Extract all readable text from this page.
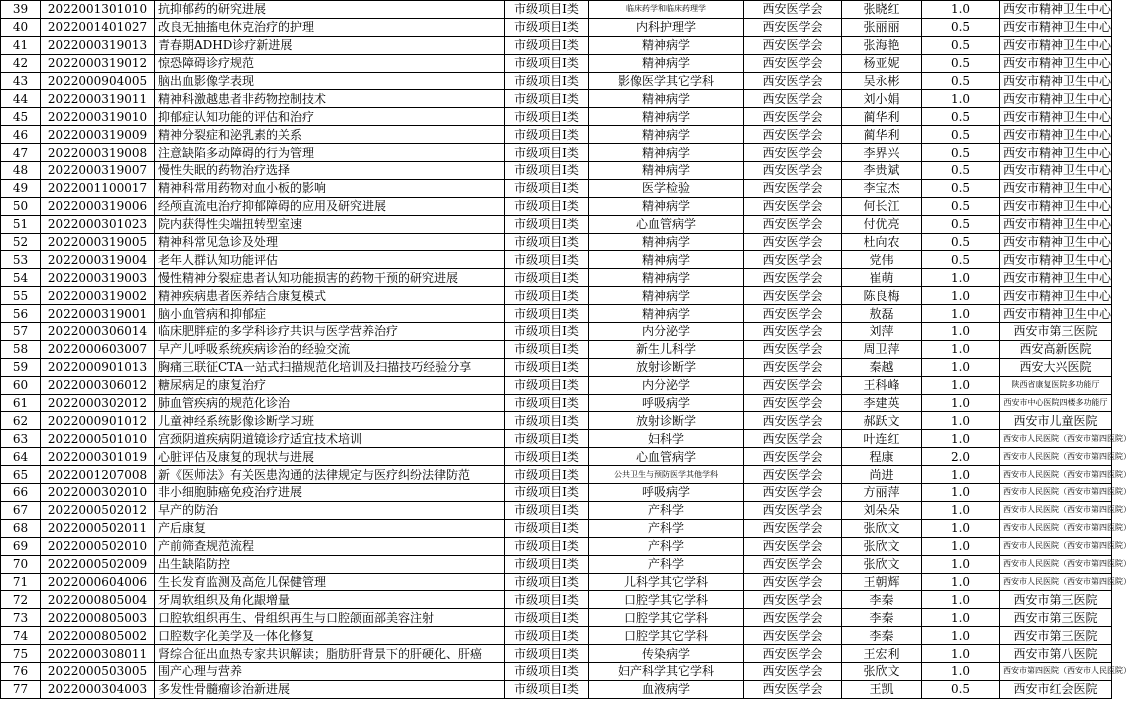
39	2022001301010	抗抑郁药的研究进展	市级项目I类	临床药学和临床药理学	西安医学会	张晓红	1.0	西安市精神卫生中心
40	2022001401027	改良无抽搐电休克治疗的护理	市级项目I类	内科护理学	西安医学会	张丽丽	0.5	西安市精神卫生中心
41	2022000319013	青春期ADHD诊疗新进展	市级项目I类	精神病学	西安医学会	张海艳	0.5	西安市精神卫生中心
42	2022000319012	惊恐障碍诊疗规范	市级项目I类	精神病学	西安医学会	杨亚妮	0.5	西安市精神卫生中心
43	2022000904005	脑出血影像学表现	市级项目I类	影像医学其它学科	西安医学会	吴永彬	0.5	西安市精神卫生中心
44	2022000319011	精神科激越患者非药物控制技术	市级项目I类	精神病学	西安医学会	刘小娟	1.0	西安市精神卫生中心
45	2022000319010	抑郁症认知功能的评估和治疗	市级项目I类	精神病学	西安医学会	蔺华利	0.5	西安市精神卫生中心
46	2022000319009	精神分裂症和泌乳素的关系	市级项目I类	精神病学	西安医学会	蔺华利	0.5	西安市精神卫生中心
47	2022000319008	注意缺陷多动障碍的行为管理	市级项目I类	精神病学	西安医学会	李界兴	0.5	西安市精神卫生中心
48	2022000319007	慢性失眠的药物治疗选择	市级项目I类	精神病学	西安医学会	李贵斌	0.5	西安市精神卫生中心
49	2022001100017	精神科常用药物对血小板的影响	市级项目I类	医学检验	西安医学会	李宝杰	0.5	西安市精神卫生中心
50	2022000319006	经颅直流电治疗抑郁障碍的应用及研究进展	市级项目I类	精神病学	西安医学会	何长江	0.5	西安市精神卫生中心
51	2022000301023	院内获得性尖端扭转型室速	市级项目I类	心血管病学	西安医学会	付优亮	0.5	西安市精神卫生中心
52	2022000319005	精神科常见急诊及处理	市级项目I类	精神病学	西安医学会	杜向农	0.5	西安市精神卫生中心
53	2022000319004	老年人群认知功能评估	市级项目I类	精神病学	西安医学会	党伟	0.5	西安市精神卫生中心
54	2022000319003	慢性精神分裂症患者认知功能损害的药物干预的研究进展	市级项目I类	精神病学	西安医学会	崔萌	1.0	西安市精神卫生中心
55	2022000319002	精神疾病患者医养结合康复模式	市级项目I类	精神病学	西安医学会	陈良梅	1.0	西安市精神卫生中心
56	2022000319001	脑小血管病和抑郁症	市级项目I类	精神病学	西安医学会	敖磊	1.0	西安市精神卫生中心
57	2022000306014	临床肥胖症的多学科诊疗共识与医学营养治疗	市级项目I类	内分泌学	西安医学会	刘萍	1.0	西安市第三医院
58	2022000603007	早产儿呼吸系统疾病诊治的经验交流	市级项目I类	新生儿科学	西安医学会	周卫萍	1.0	西安高新医院
59	2022000901013	胸痛三联征CTA一站式扫描规范化培训及扫描技巧经验分享	市级项目I类	放射诊断学	西安医学会	秦越	1.0	西安大兴医院
60	2022000306012	糖尿病足的康复治疗	市级项目I类	内分泌学	西安医学会	王科峰	1.0	陕西省康复医院多功能厅
61	2022000302012	肺血管疾病的规范化诊治	市级项目I类	呼吸病学	西安医学会	李建英	1.0	西安市中心医院四楼多功能厅
62	2022000901012	儿童神经系统影像诊断学习班	市级项目I类	放射诊断学	西安医学会	郝跃文	1.0	西安市儿童医院
63	2022000501010	宫颈阴道疾病阴道镜诊疗适宜技术培训	市级项目I类	妇科学	西安医学会	叶连红	1.0	西安市人民医院（西安市第四医院）
64	2022000301019	心脏评估及康复的现状与进展	市级项目I类	心血管病学	西安医学会	程康	2.0	西安市人民医院（西安市第四医院）
65	2022001207008	新《医师法》有关医患沟通的法律规定与医疗纠纷法律防范	市级项目I类	公共卫生与预防医学其他学科	西安医学会	尚进	1.0	西安市人民医院（西安市第四医院）
66	2022000302010	非小细胞肺癌免疫治疗进展	市级项目I类	呼吸病学	西安医学会	方丽萍	1.0	西安市人民医院（西安市第四医院）
67	2022000502012	早产的防治	市级项目I类	产科学	西安医学会	刘朵朵	1.0	西安市人民医院（西安市第四医院）
68	2022000502011	产后康复	市级项目I类	产科学	西安医学会	张欣文	1.0	西安市人民医院（西安市第四医院）
69	2022000502010	产前筛查规范流程	市级项目I类	产科学	西安医学会	张欣文	1.0	西安市人民医院（西安市第四医院）
70	2022000502009	出生缺陷防控	市级项目I类	产科学	西安医学会	张欣文	1.0	西安市人民医院（西安市第四医院）
71	2022000604006	生长发育监测及高危儿保健管理	市级项目I类	儿科学其它学科	西安医学会	王朝辉	1.0	西安市人民医院（西安市第四医院）
72	2022000805004	牙周软组织及角化龈增量	市级项目I类	口腔学其它学科	西安医学会	李秦	1.0	西安市第三医院
73	2022000805003	口腔软组织再生、骨组织再生与口腔颌面部美容注射	市级项目I类	口腔学其它学科	西安医学会	李秦	1.0	西安市第三医院
74	2022000805002	口腔数字化美学及一体化修复	市级项目I类	口腔学其它学科	西安医学会	李秦	1.0	西安市第三医院
75	2022000308011	肾综合征出血热专家共识解读；脂肪肝背景下的肝硬化、肝癌	市级项目I类	传染病学	西安医学会	王宏利	1.0	西安市第八医院
76	2022000503005	围产心理与营养	市级项目I类	妇产科学其它学科	西安医学会	张欣文	1.0	西安市第四医院（西安市人民医院）
77	2022000304003	多发性骨髓瘤诊治新进展	市级项目I类	血液病学	西安医学会	王凯	0.5	西安市红会医院
